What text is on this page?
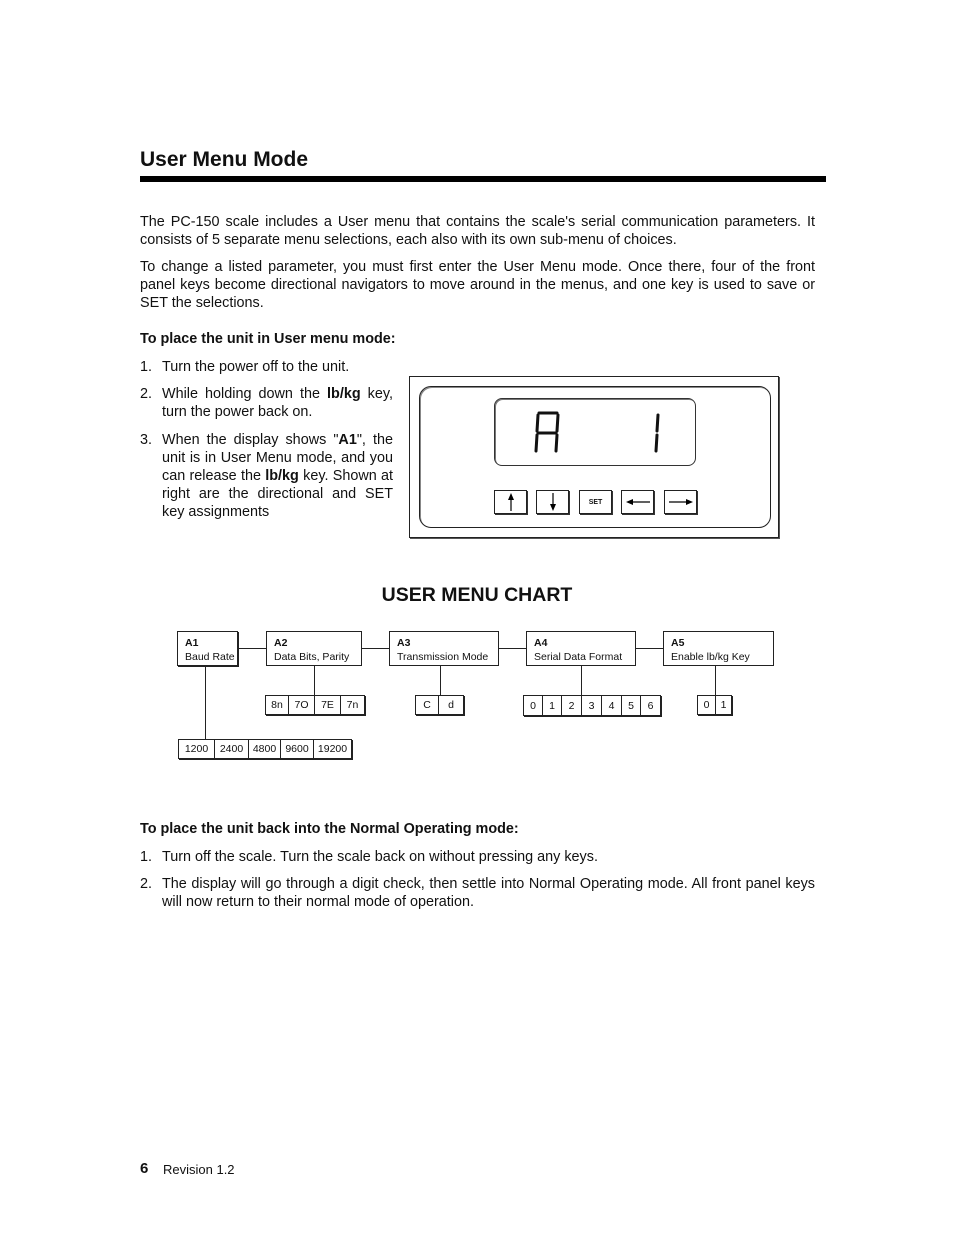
User Menu Mode
The PC-150 scale includes a User menu that contains the scale's serial communication parameters. It consists of 5 separate menu selections, each also with its own sub-menu of choices.
To change a listed parameter, you must first enter the User Menu mode. Once there, four of the front panel keys become directional navigators to move around in the menus, and one key is used to save or SET the selections.
To place the unit in User menu mode:
1. Turn the power off to the unit.
2. While holding down the lb/kg key, turn the power back on.
3. When the display shows "A1", the unit is in User Menu mode, and you can release the lb/kg key. Shown at right are the directional and SET key assignments
SET
USER MENU CHART
A1
Baud Rate
A2
Data Bits, Parity
A3
Transmission Mode
A4
Serial Data Format
A5
Enable lb/kg Key
1200	2400 4800 9600 19200
8n	7O	7E	7n	C	d	0	1	2	3	4	5	6	0	1
To place the unit back into the Normal Operating mode:
1. Turn off the scale. Turn the scale back on without pressing any keys.
2. The display will go through a digit check, then settle into Normal Operating mode. All front panel keys will now return to their normal mode of operation.
6 Revision 1.2
